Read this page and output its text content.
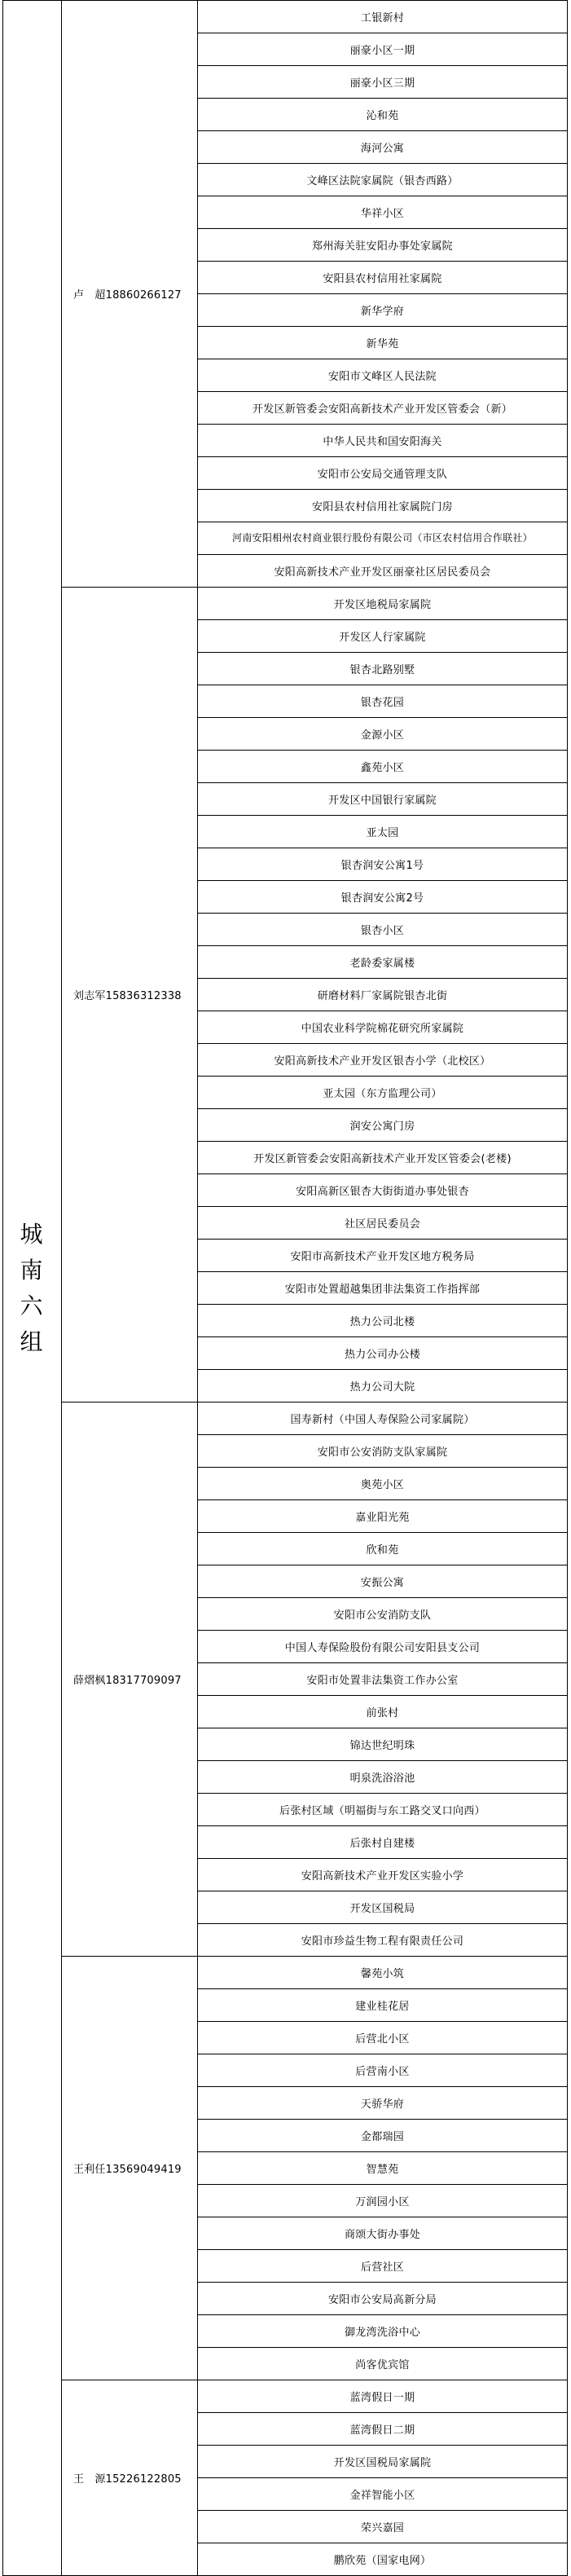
城南六组	卢　超18860266127	工银新村
		丽豪小区一期
		丽豪小区三期
		沁和苑
		海河公寓
		文峰区法院家属院（银杏西路）
		华祥小区
		郑州海关驻安阳办事处家属院
		安阳县农村信用社家属院
		新华学府
		新华苑
		安阳市文峰区人民法院
		开发区新管委会安阳高新技术产业开发区管委会（新）
		中华人民共和国安阳海关
		安阳市公安局交通管理支队
		安阳县农村信用社家属院门房
		河南安阳相州农村商业银行股份有限公司（市区农村信用合作联社）
		安阳高新技术产业开发区丽豪社区居民委员会
	刘志军15836312338	开发区地税局家属院
		开发区人行家属院
		银杏北路别墅
		银杏花园
		金源小区
		鑫苑小区
		开发区中国银行家属院
		亚太园
		银杏润安公寓1号
		银杏润安公寓2号
		银杏小区
		老龄委家属楼
		研磨材料厂家属院银杏北街
		中国农业科学院棉花研究所家属院
		安阳高新技术产业开发区银杏小学（北校区）
		亚太园（东方监理公司）
		润安公寓门房
		开发区新管委会安阳高新技术产业开发区管委会(老楼)
		安阳高新区银杏大街街道办事处银杏
		社区居民委员会
		安阳市高新技术产业开发区地方税务局
		安阳市处置超越集团非法集资工作指挥部
		热力公司北楼
		热力公司办公楼
		热力公司大院
	薛熠枫18317709097	国寿新村（中国人寿保险公司家属院）
		安阳市公安消防支队家属院
		奥苑小区
		嘉业阳光苑
		欣和苑
		安振公寓
		安阳市公安消防支队
		中国人寿保险股份有限公司安阳县支公司
		安阳市处置非法集资工作办公室
		前张村
		锦达世纪明珠
		明泉洗浴浴池
		后张村区域（明福街与东工路交叉口向西）
		后张村自建楼
		安阳高新技术产业开发区实验小学
		开发区国税局
		安阳市珍益生物工程有限责任公司
	王利任13569049419	馨苑小筑
		建业桂花居
		后营北小区
		后营南小区
		天骄华府
		金都瑞园
		智慧苑
		万润园小区
		商颂大街办事处
		后营社区
		安阳市公安局高新分局
		御龙湾洗浴中心
		尚客优宾馆
	王　源15226122805	蓝湾假日一期
		蓝湾假日二期
		开发区国税局家属院
		金祥智能小区
		荣兴嘉园
		鹏欣苑（国家电网）
